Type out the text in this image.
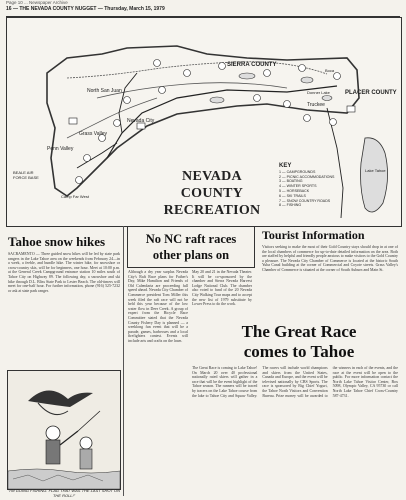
Page 10 ... Newspaper Archive
16 — THE NEVADA COUNTY NUGGET — Thursday, March 15, 1979
SIERRA COUNTY
PLACER COUNTY
Truckee
Grass Valley
Nevada City
North San Juan
Penn Valley
BEALE AIR FORCE BASE
Camp Far West
Lake Tahoe
Donner Lake
Boca
NEVADA
COUNTY
RECREATION
KEY
1 — CAMPGROUNDS
2 — PICNIC ACCOMMODATIONS
3 — BOATING
4 — WINTER SPORTS
5 — HORSEBACK
6 — SKI TRAILS
7 — SNOW COUNTRY ROADS
8 — FISHING
Tahoe snow hikes
SACRAMENTO — Three guided snow hikes will be led by state park rangers in the Lake Tahoe area on the weekends from February 24—in a week, a feeble, and bundle hike. The winter hike, for snowshoe or cross-country skis, will be for beginners, one hour. Meet at 10:00 p.m. at the General Creek Campground entrance station 10 miles south of Tahoe City on Highway 89. The following day, a snowshoe and ski hike through D.L. Bliss State Park to Lester Beach. The old-timers will meet for one-half hour. For further information, phone (916) 525-7232 or ask at state park ranger.
"I'M GOING FISHING. FLAG THAT WAS THE LAST SHOT ON THE ROLL!"
No NC raft races
other plans on
Although a dry year surplus Nevada City's Raft Race plans for Father's Day, Mike Hamilton and Friends of Old Calendaria are proceeding full speed ahead. Nevada City Chamber of Commerce president Tom Miller this week filed the raft race will not be held this year because of the low water flow in Deer Creek. A group of expert from the Bicycle Race Committee stated that the Nevada County Fishery Day is planned — a weeklong fun event that will be a parade, games, barbecues and a local firefighters contest. Events will include arts and crafts on the lawn.
May 20 and 21 in the Nevada Theater. It will be co-sponsored by the chamber and Sierra Nevada Harvest Lodge National Club. The chamber also voted to fund of the 20 Nevada City Walking Tour maps and to accept the new list of 1979 substitute by Lower Press to do the work.
Tourist Information
Visitors seeking to make the most of their Gold Country stays should drop in at one of the local chambers of commerce for up-to-date detailed information on the area. Both are staffed by helpful and friendly people anxious to make visitors to the Gold Country a pleasure. The Nevada City Chamber of Commerce is located at the historic South Yuba Canal building at the corner of Commercial and Coyote streets. Grass Valley's Chamber of Commerce is situated at the corner of South Auburn and Main St.
The Great Race
comes to Tahoe
The Great Race is coming to Lake Tahoe! On March 20 over 40 professional nationally rated skiers will gather in a race that will be the event highlight of the Tahoe season. The runners will be traced by tracers on the Lake Tahoe course from the lake to Tahoe City and Squaw Valley. The racers will include world champions and skiers from the United States, Canada and Europe, and the event will be televised nationally by CBS Sports. The race is sponsored by Big Chief Yogurt, the Tahoe North Visitors and Convention Bureau. Prize money will be awarded to the winners in each of the events, and the race at the event will be open to the public. For more information contact the North Lake Tahoe Visitor Center, Box 5098, Olympic Valley, CA 95730 or call North Lake Tahoe Chief Cross-Country 587-4731.
